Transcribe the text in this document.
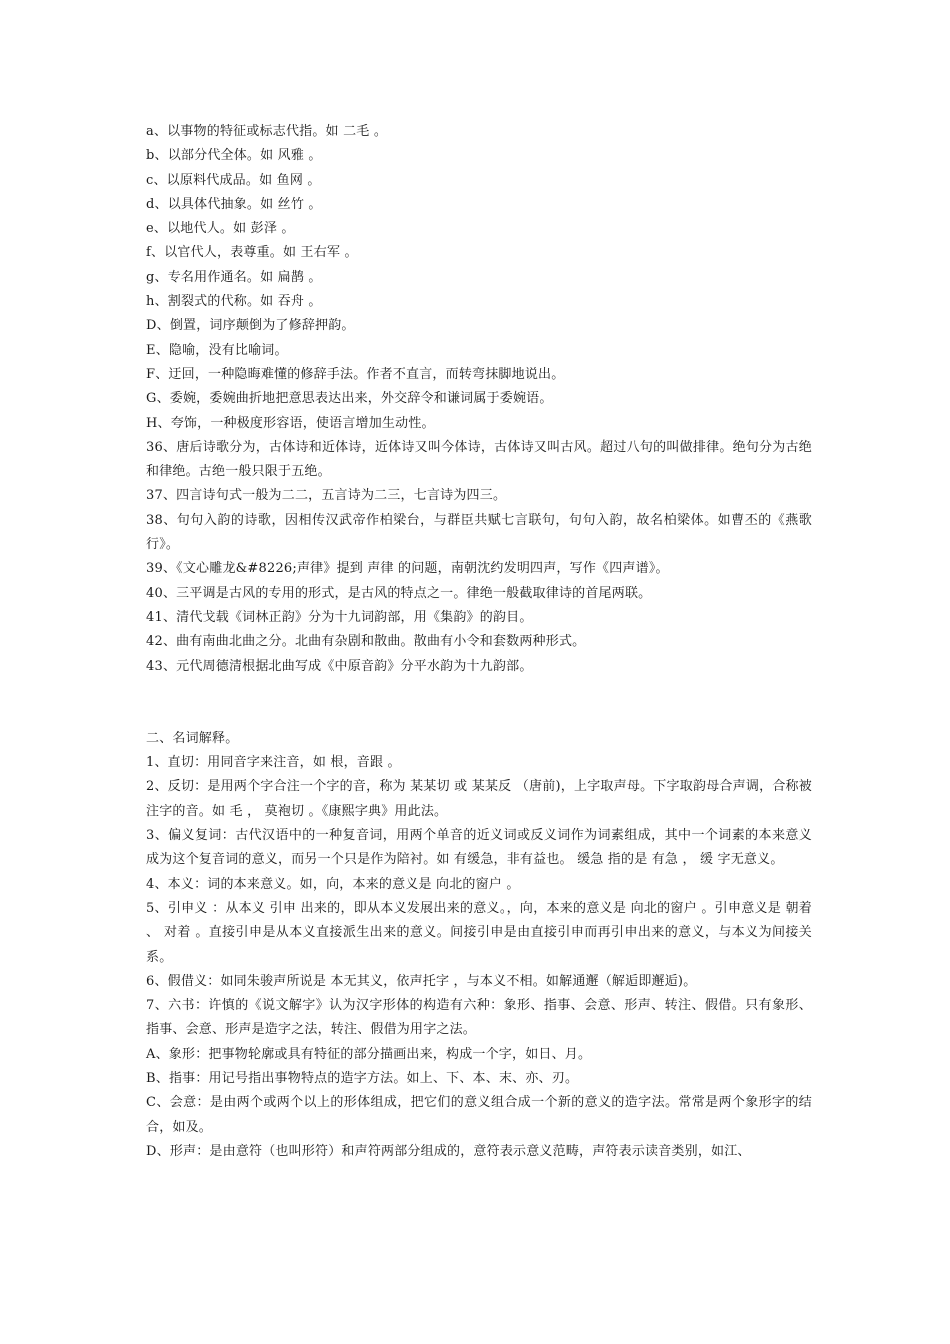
a、以事物的特征或标志代指。如 二毛 。

b、以部分代全体。如 风雅 。

c、以原料代成品。如 鱼网 。

d、以具体代抽象。如 丝竹 。

e、以地代人。如 彭泽 。

f、以官代人，表尊重。如 王右军 。

g、专名用作通名。如 扁鹊 。

h、割裂式的代称。如 吞舟 。

D、倒置，词序颠倒为了修辞押韵。

E、隐喻，没有比喻词。

F、迂回，一种隐晦难懂的修辞手法。作者不直言，而转弯抹脚地说出。

G、委婉，委婉曲折地把意思表达出来，外交辞令和谦词属于委婉语。

H、夸饰，一种极度形容语，使语言增加生动性。

36、唐后诗歌分为，古体诗和近体诗，近体诗又叫今体诗，古体诗又叫古风。超过八句的叫做排律。绝句分为古绝和律绝。古绝一般只限于五绝。

37、四言诗句式一般为二二，五言诗为二三，七言诗为四三。

38、句句入韵的诗歌，因相传汉武帝作柏梁台，与群臣共赋七言联句，句句入韵，故名柏梁体。如曹丕的《燕歌行》。

39、《文心雕龙&#8226;声律》提到 声律 的问题，南朝沈约发明四声，写作《四声谱》。

40、三平调是古风的专用的形式，是古风的特点之一。律绝一般截取律诗的首尾两联。

41、清代戈载《词林正韵》分为十九词韵部，用《集韵》的韵目。

42、曲有南曲北曲之分。北曲有杂剧和散曲。散曲有小令和套数两种形式。

43、元代周德清根据北曲写成《中原音韵》分平水韵为十九韵部。

二、名词解释。

1、直切：用同音字来注音，如 根，音跟 。

2、反切：是用两个字合注一个字的音，称为 某某切 或 某某反 （唐前)，上字取声母。下字取韵母合声调，合称被注字的音。如 毛 ， 莫袍切 。《康熙字典》用此法。

3、偏义复词：古代汉语中的一种复音词，用两个单音的近义词或反义词作为词素组成，其中一个词素的本来意义成为这个复音词的意义，而另一个只是作为陪衬。如 有缓急，非有益也。 缓急 指的是 有急 ， 缓 字无意义。

4、本义：词的本来意义。如，向，本来的意义是 向北的窗户 。

5、引申义 ：从本义 引申 出来的，即从本义发展出来的意义。，向，本来的意义是 向北的窗户 。引申意义是 朝着 、 对着 。直接引申是从本义直接派生出来的意义。间接引申是由直接引申而再引申出来的意义，与本义为间接关系。

6、假借义：如同朱骏声所说是 本无其义，依声托字 ，与本义不相。如解通邂（解逅即邂逅)。

7、六书：许慎的《说文解字》认为汉字形体的构造有六种：象形、指事、会意、形声、转注、假借。只有象形、指事、会意、形声是造字之法，转注、假借为用字之法。

A、象形：把事物轮廓或具有特征的部分描画出来，构成一个字，如日、月。

B、指事：用记号指出事物特点的造字方法。如上、下、本、末、亦、刃。

C、会意：是由两个或两个以上的形体组成，把它们的意义组合成一个新的意义的造字法。常常是两个象形字的结合，如及。

D、形声：是由意符（也叫形符）和声符两部分组成的，意符表示意义范畴，声符表示读音类别，如江、
